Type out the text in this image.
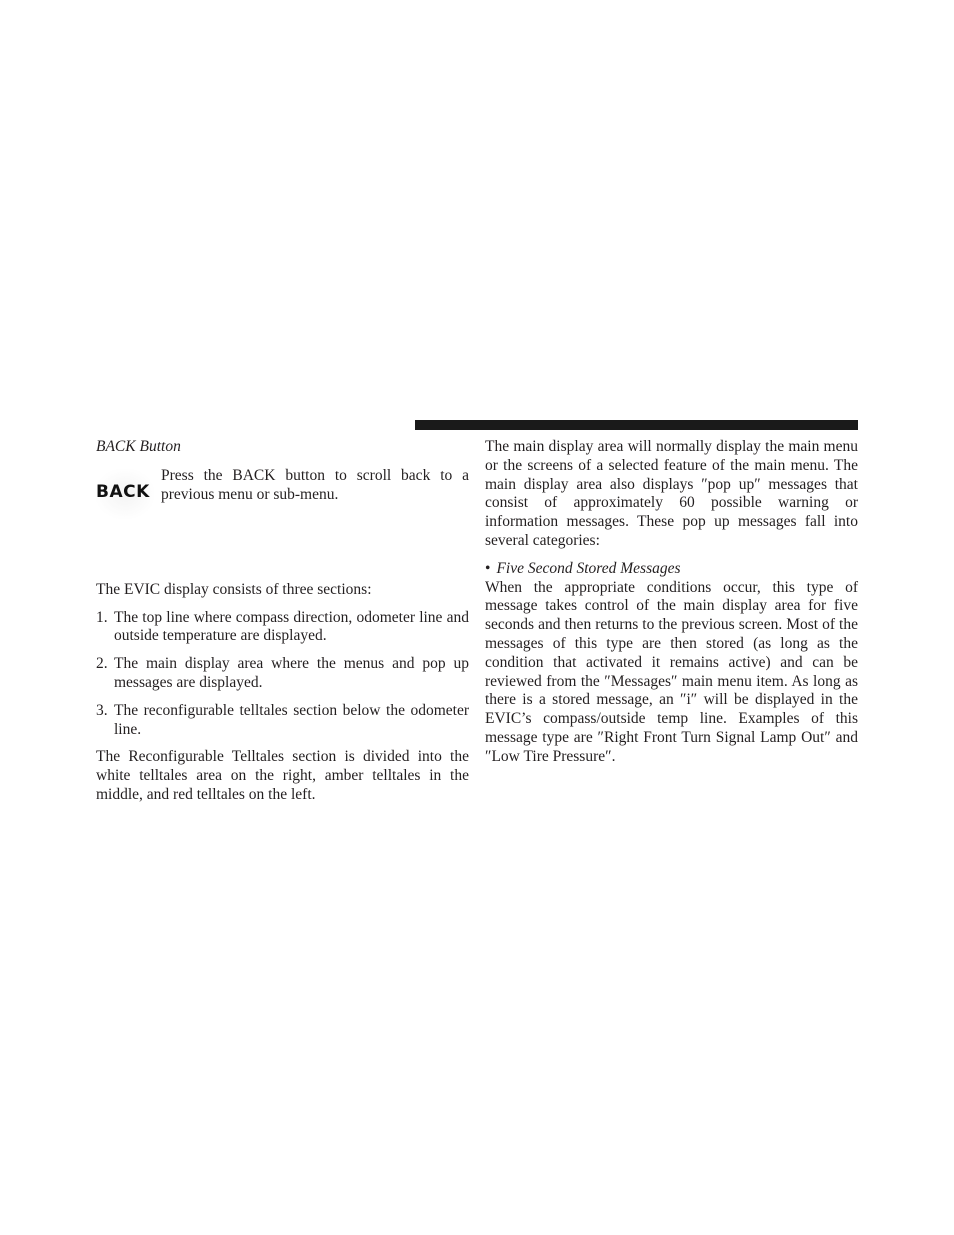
BACK Button
BACK
Press the BACK button to scroll back to a previous menu or sub-menu.

The EVIC display consists of three sections:

1. The top line where compass direction, odometer line and outside temperature are displayed.
2. The main display area where the menus and pop up messages are displayed.
3. The reconfigurable telltales section below the odometer line.

The Reconfigurable Telltales section is divided into the white telltales area on the right, amber telltales in the middle, and red telltales on the left.

The main display area will normally display the main menu or the screens of a selected feature of the main menu. The main display area also displays ″pop up″ messages that consist of approximately 60 possible warning or information messages. These pop up messages fall into several categories:

• Five Second Stored Messages

When the appropriate conditions occur, this type of message takes control of the main display area for five seconds and then returns to the previous screen. Most of the messages of this type are then stored (as long as the condition that activated it remains active) and can be reviewed from the ″Messages″ main menu item. As long as there is a stored message, an ″i″ will be displayed in the EVIC’s compass/outside temp line. Examples of this message type are ″Right Front Turn Signal Lamp Out″ and ″Low Tire Pressure″.
